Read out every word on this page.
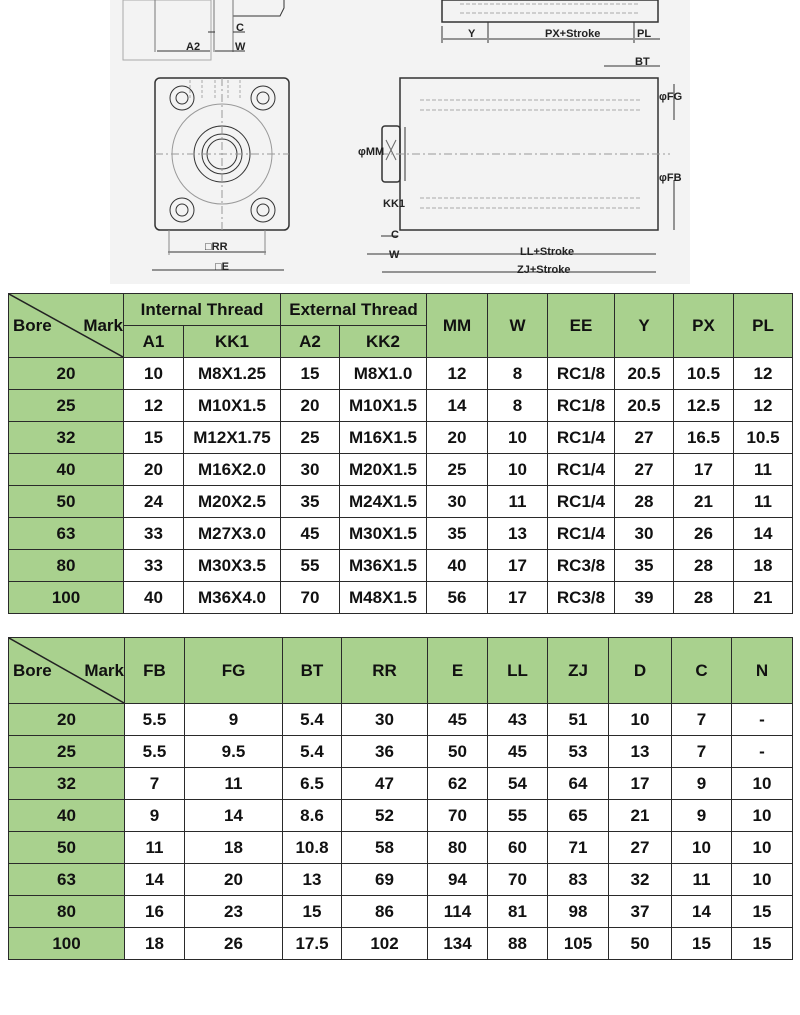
C
A2	W
Y	PX+Stroke	PL
BT
φFG
φMM
φFB
KK1
C
W	LL+Stroke
ZJ+Stroke
□RR
□E
Bore Mark	Internal Thread		External Thread		MM	W	EE	Y	PX	PL
	A1	KK1	A2	KK2						
20	10	M8X1.25	15	M8X1.0	12	8	RC1/8	20.5	10.5	12
25	12	M10X1.5	20	M10X1.5	14	8	RC1/8	20.5	12.5	12
32	15	M12X1.75	25	M16X1.5	20	10	RC1/4	27	16.5	10.5
40	20	M16X2.0	30	M20X1.5	25	10	RC1/4	27	17	11
50	24	M20X2.5	35	M24X1.5	30	11	RC1/4	28	21	11
63	33	M27X3.0	45	M30X1.5	35	13	RC1/4	30	26	14
80	33	M30X3.5	55	M36X1.5	40	17	RC3/8	35	28	18
100	40	M36X4.0	70	M48X1.5	56	17	RC3/8	39	28	21
Bore Mark	FB	FG	BT	RR	E	LL	ZJ	D	C	N
20	5.5	9	5.4	30	45	43	51	10	7	-
25	5.5	9.5	5.4	36	50	45	53	13	7	-
32	7	11	6.5	47	62	54	64	17	9	10
40	9	14	8.6	52	70	55	65	21	9	10
50	11	18	10.8	58	80	60	71	27	10	10
63	14	20	13	69	94	70	83	32	11	10
80	16	23	15	86	114	81	98	37	14	15
100	18	26	17.5	102	134	88	105	50	15	15
